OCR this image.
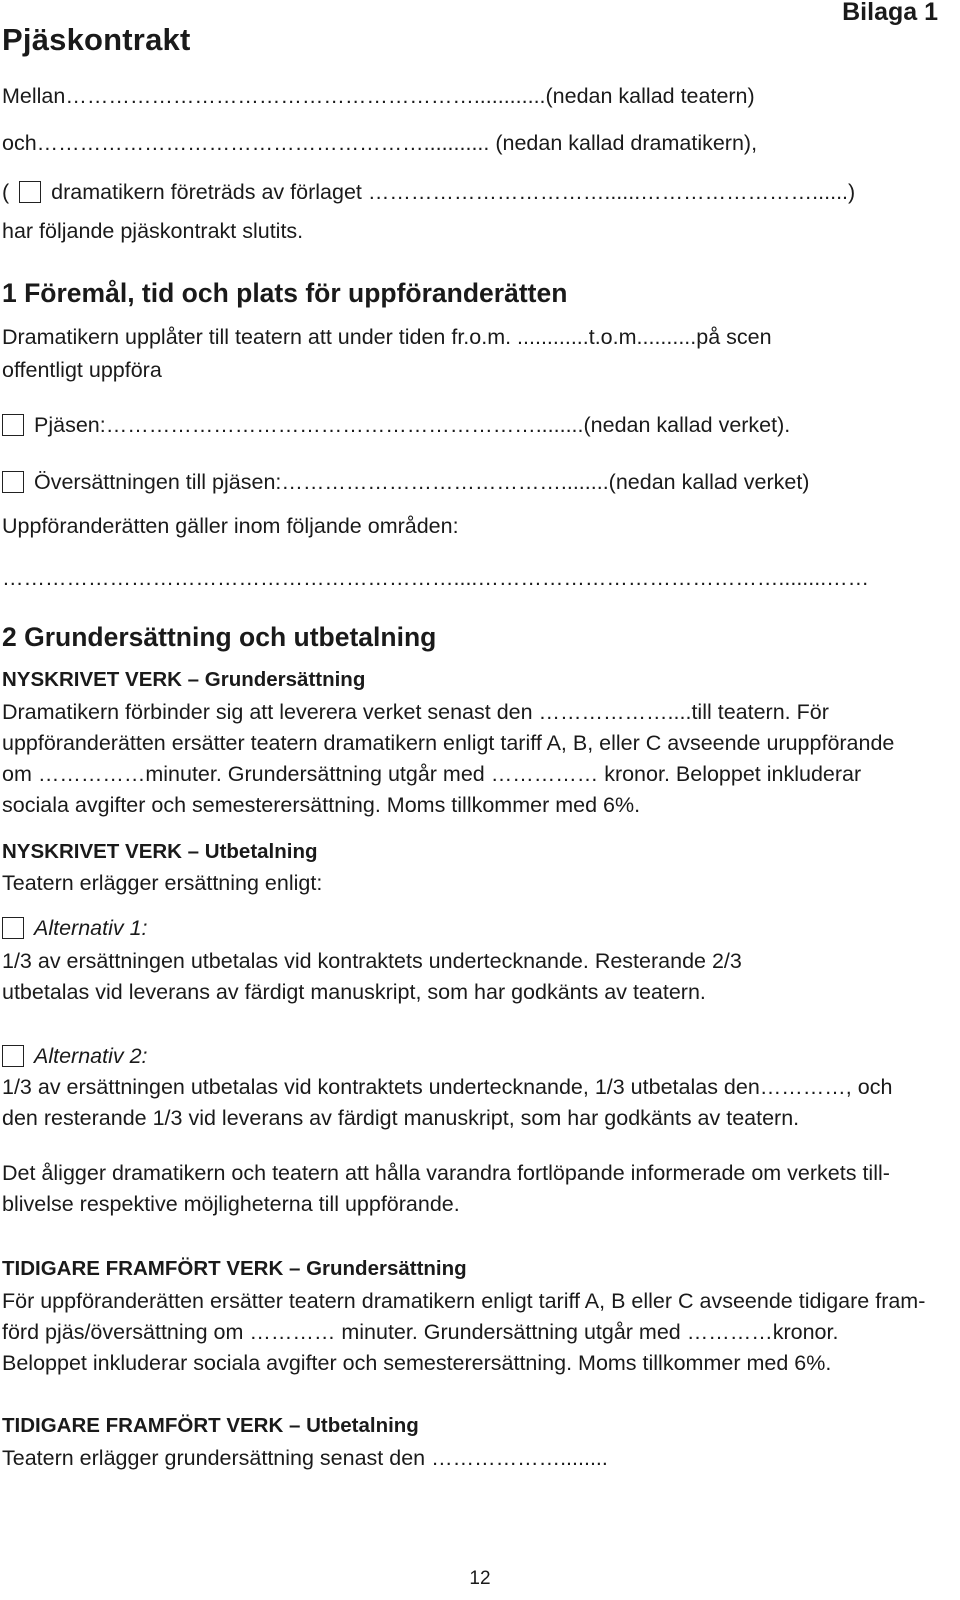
Pjäskontrakt
Bilaga 1
Mellan…………………………………………………............(nedan kallad teatern)
och………………………………………………........... (nedan kallad dramatikern),
( dramatikern företräds av förlaget ……………………………......……………………......)
har följande pjäskontrakt slutits.
1 Föremål, tid och plats för uppföranderätten
Dramatikern upplåter till teatern att under tiden fr.o.m. ............t.o.m..........på scen
offentligt uppföra
Pjäsen:……………………………………………………........(nedan kallad verket).
Översättningen till pjäsen:…………………………………........(nedan kallad verket)
Uppföranderätten gäller inom följande områden:
………………………………………………………....……………………………………........……
2 Grundersättning och utbetalning
NYSKRIVET VERK – Grundersättning
Dramatikern förbinder sig att leverera verket senast den ………………....till teatern. För
uppföranderätten ersätter teatern dramatikern enligt tariff A, B, eller C avseende uruppförande
om ……………minuter. Grundersättning utgår med …………… kronor. Beloppet inkluderar
sociala avgifter och semesterersättning. Moms tillkommer med 6%.
NYSKRIVET VERK – Utbetalning
Teatern erlägger ersättning enligt:
Alternativ 1:
1/3 av ersättningen utbetalas vid kontraktets undertecknande. Resterande 2/3
utbetalas vid leverans av färdigt manuskript, som har godkänts av teatern.
Alternativ 2:
1/3 av ersättningen utbetalas vid kontraktets undertecknande, 1/3 utbetalas den…………, och
den resterande 1/3 vid leverans av färdigt manuskript, som har godkänts av teatern.
Det åligger dramatikern och teatern att hålla varandra fortlöpande informerade om verkets till-
blivelse respektive möjligheterna till uppförande.
TIDIGARE FRAMFÖRT VERK – Grundersättning
För uppföranderätten ersätter teatern dramatikern enligt tariff A, B eller C avseende tidigare fram-
förd pjäs/översättning om ………… minuter. Grundersättning utgår med …………kronor.
Beloppet inkluderar sociala avgifter och semesterersättning. Moms tillkommer med 6%.
TIDIGARE FRAMFÖRT VERK – Utbetalning
Teatern erlägger grundersättning senast den ………………........
12
